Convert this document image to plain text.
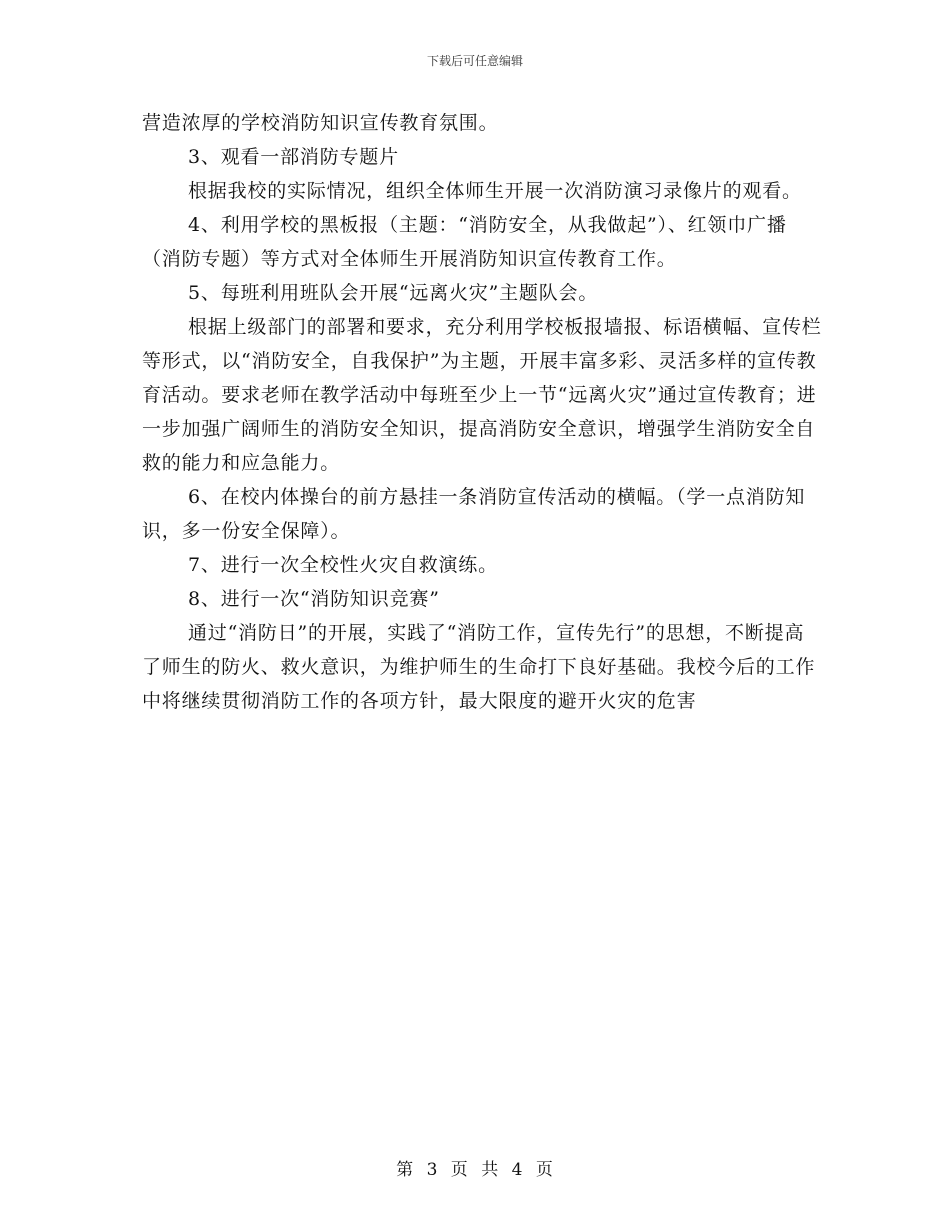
下载后可任意编辑

营造浓厚的学校消防知识宣传教育氛围。

3、观看一部消防专题片

根据我校的实际情况，组织全体师生开展一次消防演习录像片的观看。

4、利用学校的黑板报（主题：“消防安全，从我做起”）、红领巾广播（消防专题）等方式对全体师生开展消防知识宣传教育工作。

5、每班利用班队会开展“远离火灾”主题队会。

根据上级部门的部署和要求，充分利用学校板报墙报、标语横幅、宣传栏等形式，以“消防安全，自我保护”为主题，开展丰富多彩、灵活多样的宣传教育活动。要求老师在教学活动中每班至少上一节“远离火灾”通过宣传教育；进一步加强广阔师生的消防安全知识，提高消防安全意识，增强学生消防安全自救的能力和应急能力。

6、在校内体操台的前方悬挂一条消防宣传活动的横幅。（学一点消防知识，多一份安全保障）。

7、进行一次全校性火灾自救演练。

8、进行一次“消防知识竞赛”

通过“消防日”的开展，实践了“消防工作，宣传先行”的思想，不断提高了师生的防火、救火意识，为维护师生的生命打下良好基础。我校今后的工作中将继续贯彻消防工作的各项方针，最大限度的避开火灾的危害

第 3 页 共 4 页
